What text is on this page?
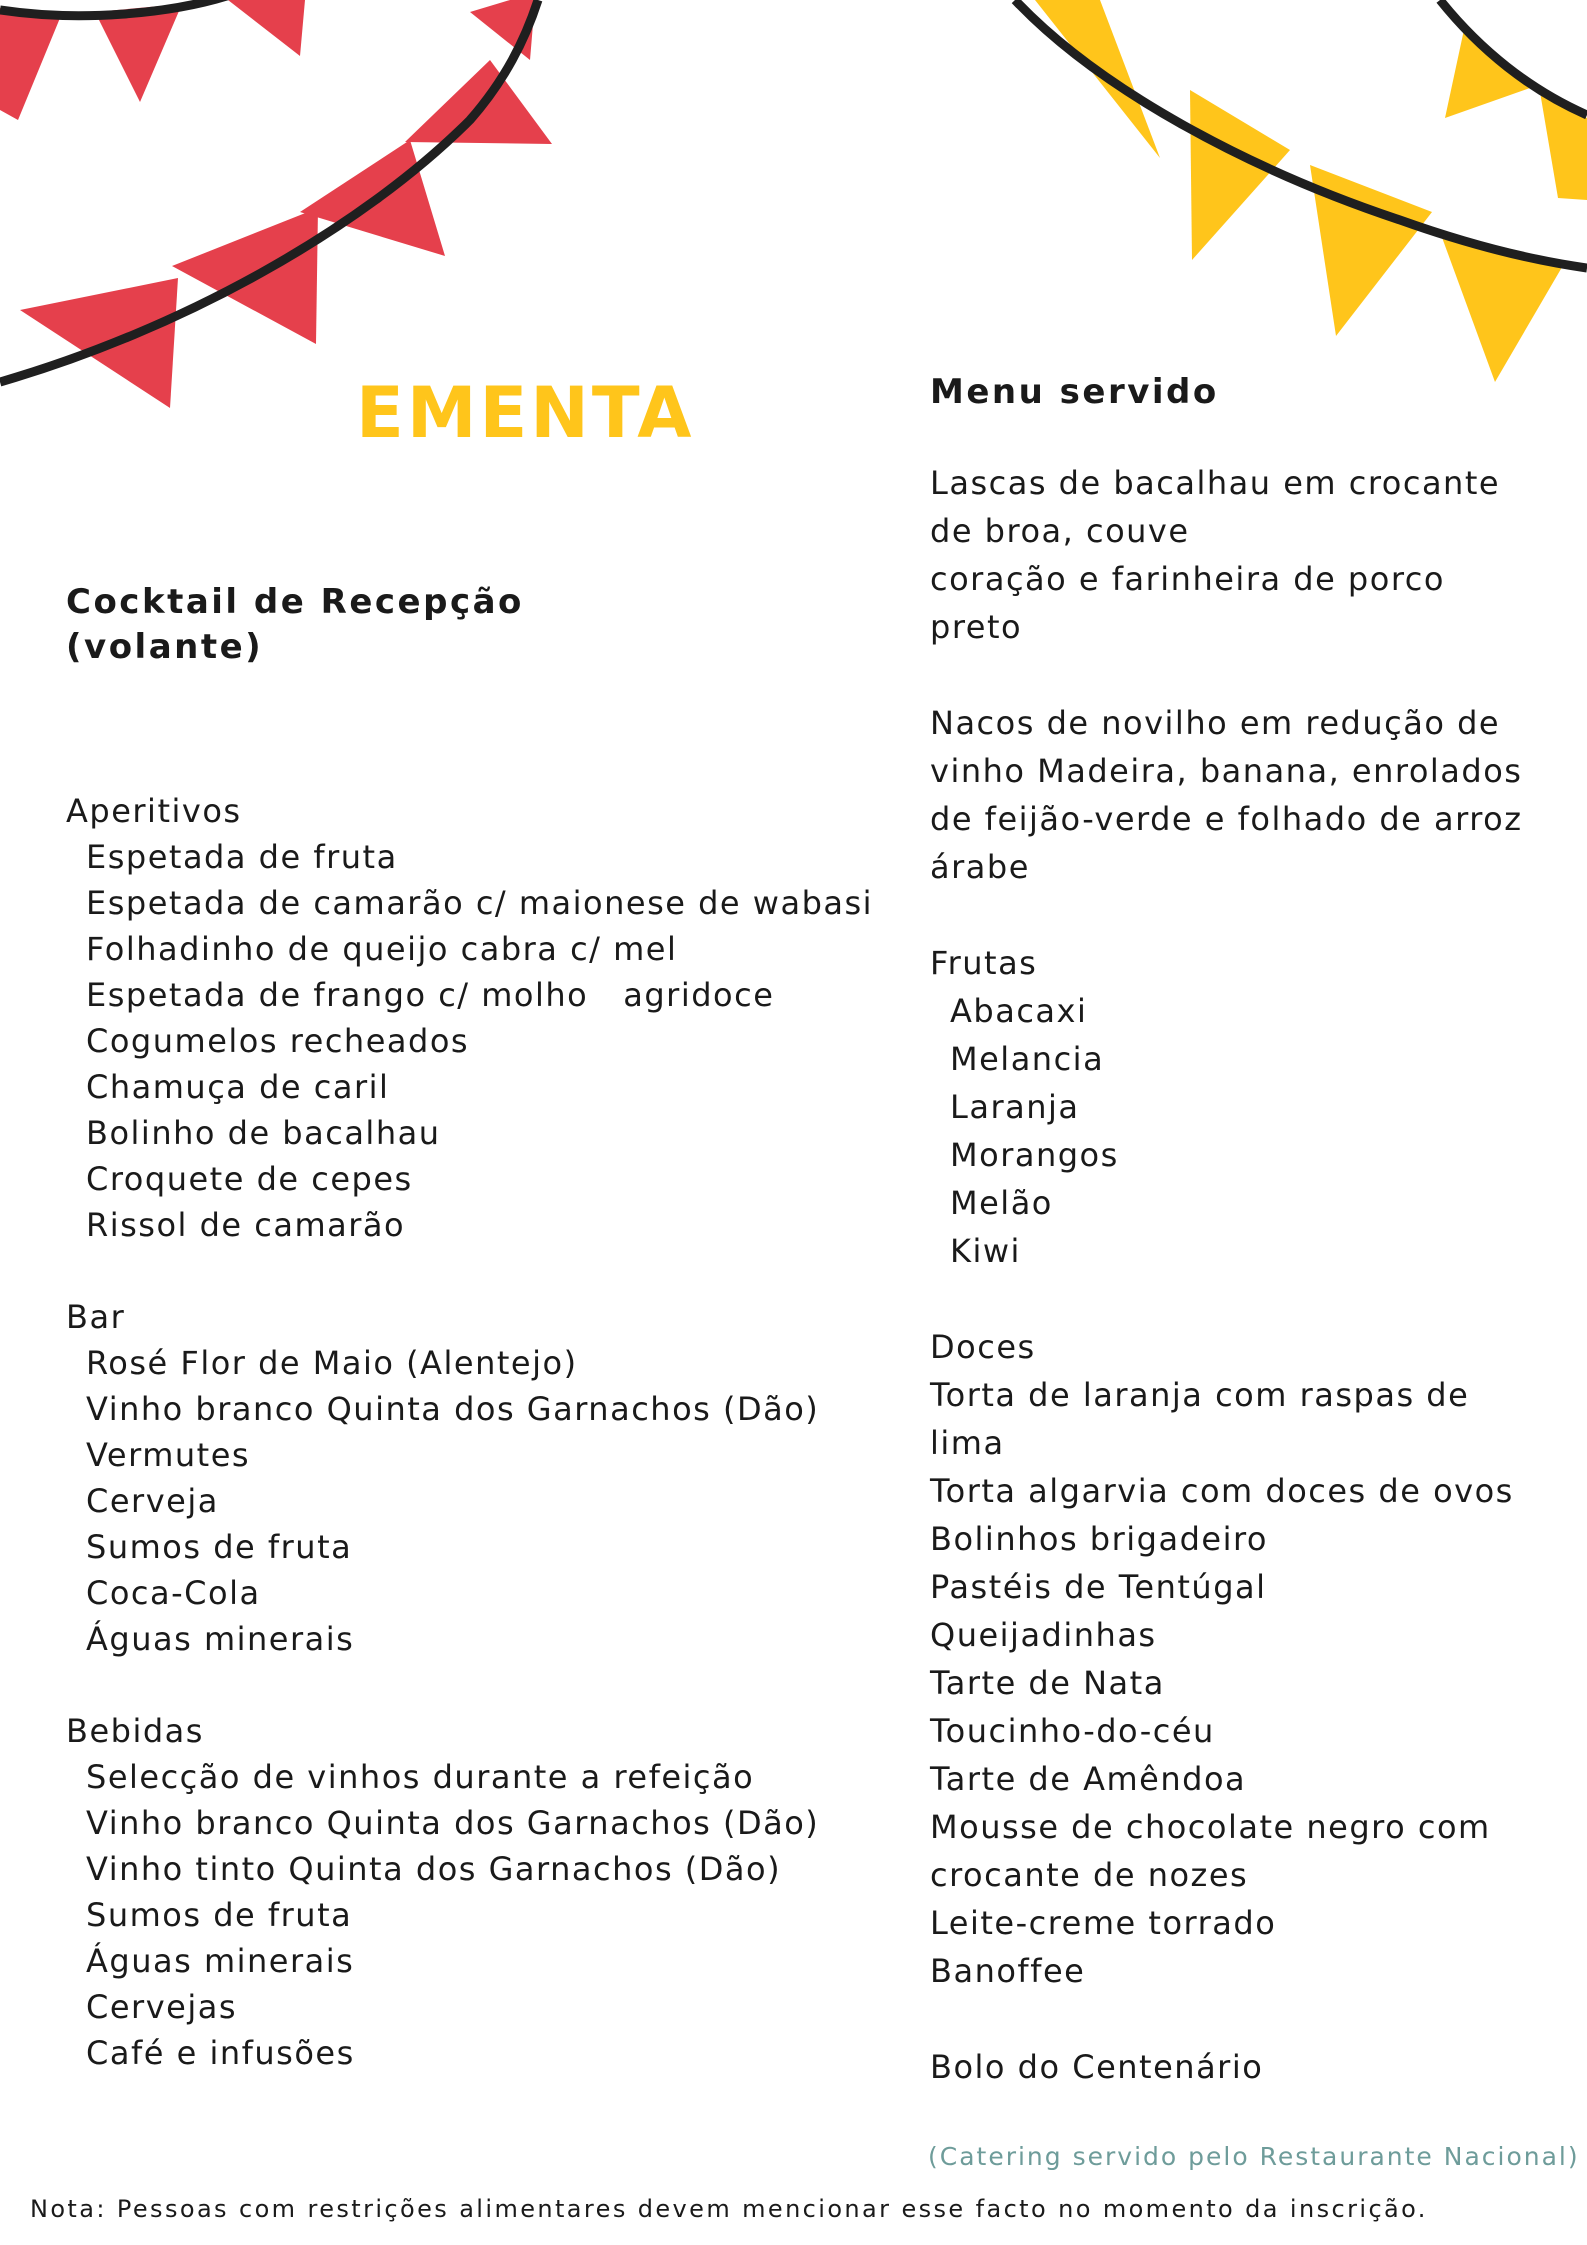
EMENTA
Cocktail de Recepção
(volante)
Aperitivos
Espetada de fruta
Espetada de camarão c/ maionese de wabasi
Folhadinho de queijo cabra c/ mel
Espetada de frango c/ molho   agridoce
Cogumelos recheados
Chamuça de caril
Bolinho de bacalhau
Croquete de cepes
Rissol de camarão
Bar
Rosé Flor de Maio (Alentejo)
Vinho branco Quinta dos Garnachos (Dão)
Vermutes
Cerveja
Sumos de fruta
Coca-Cola
Águas minerais
Bebidas
Selecção de vinhos durante a refeição
Vinho branco Quinta dos Garnachos (Dão)
Vinho tinto Quinta dos Garnachos (Dão)
Sumos de fruta
Águas minerais
Cervejas
Café e infusões
Menu servido
Lascas de bacalhau em crocante
de broa, couve
coração e farinheira de porco
preto
Nacos de novilho em redução de
vinho Madeira, banana, enrolados
de feijão-verde e folhado de arroz
árabe
Frutas
Abacaxi
Melancia
Laranja
Morangos
Melão
Kiwi
Doces
Torta de laranja com raspas de
lima
Torta algarvia com doces de ovos
Bolinhos brigadeiro
Pastéis de Tentúgal
Queijadinhas
Tarte de Nata
Toucinho-do-céu
Tarte de Amêndoa
Mousse de chocolate negro com
crocante de nozes
Leite-creme torrado
Banoffee
Bolo do Centenário
(Catering servido pelo Restaurante Nacional)
Nota: Pessoas com restrições alimentares devem mencionar esse facto no momento da inscrição.
